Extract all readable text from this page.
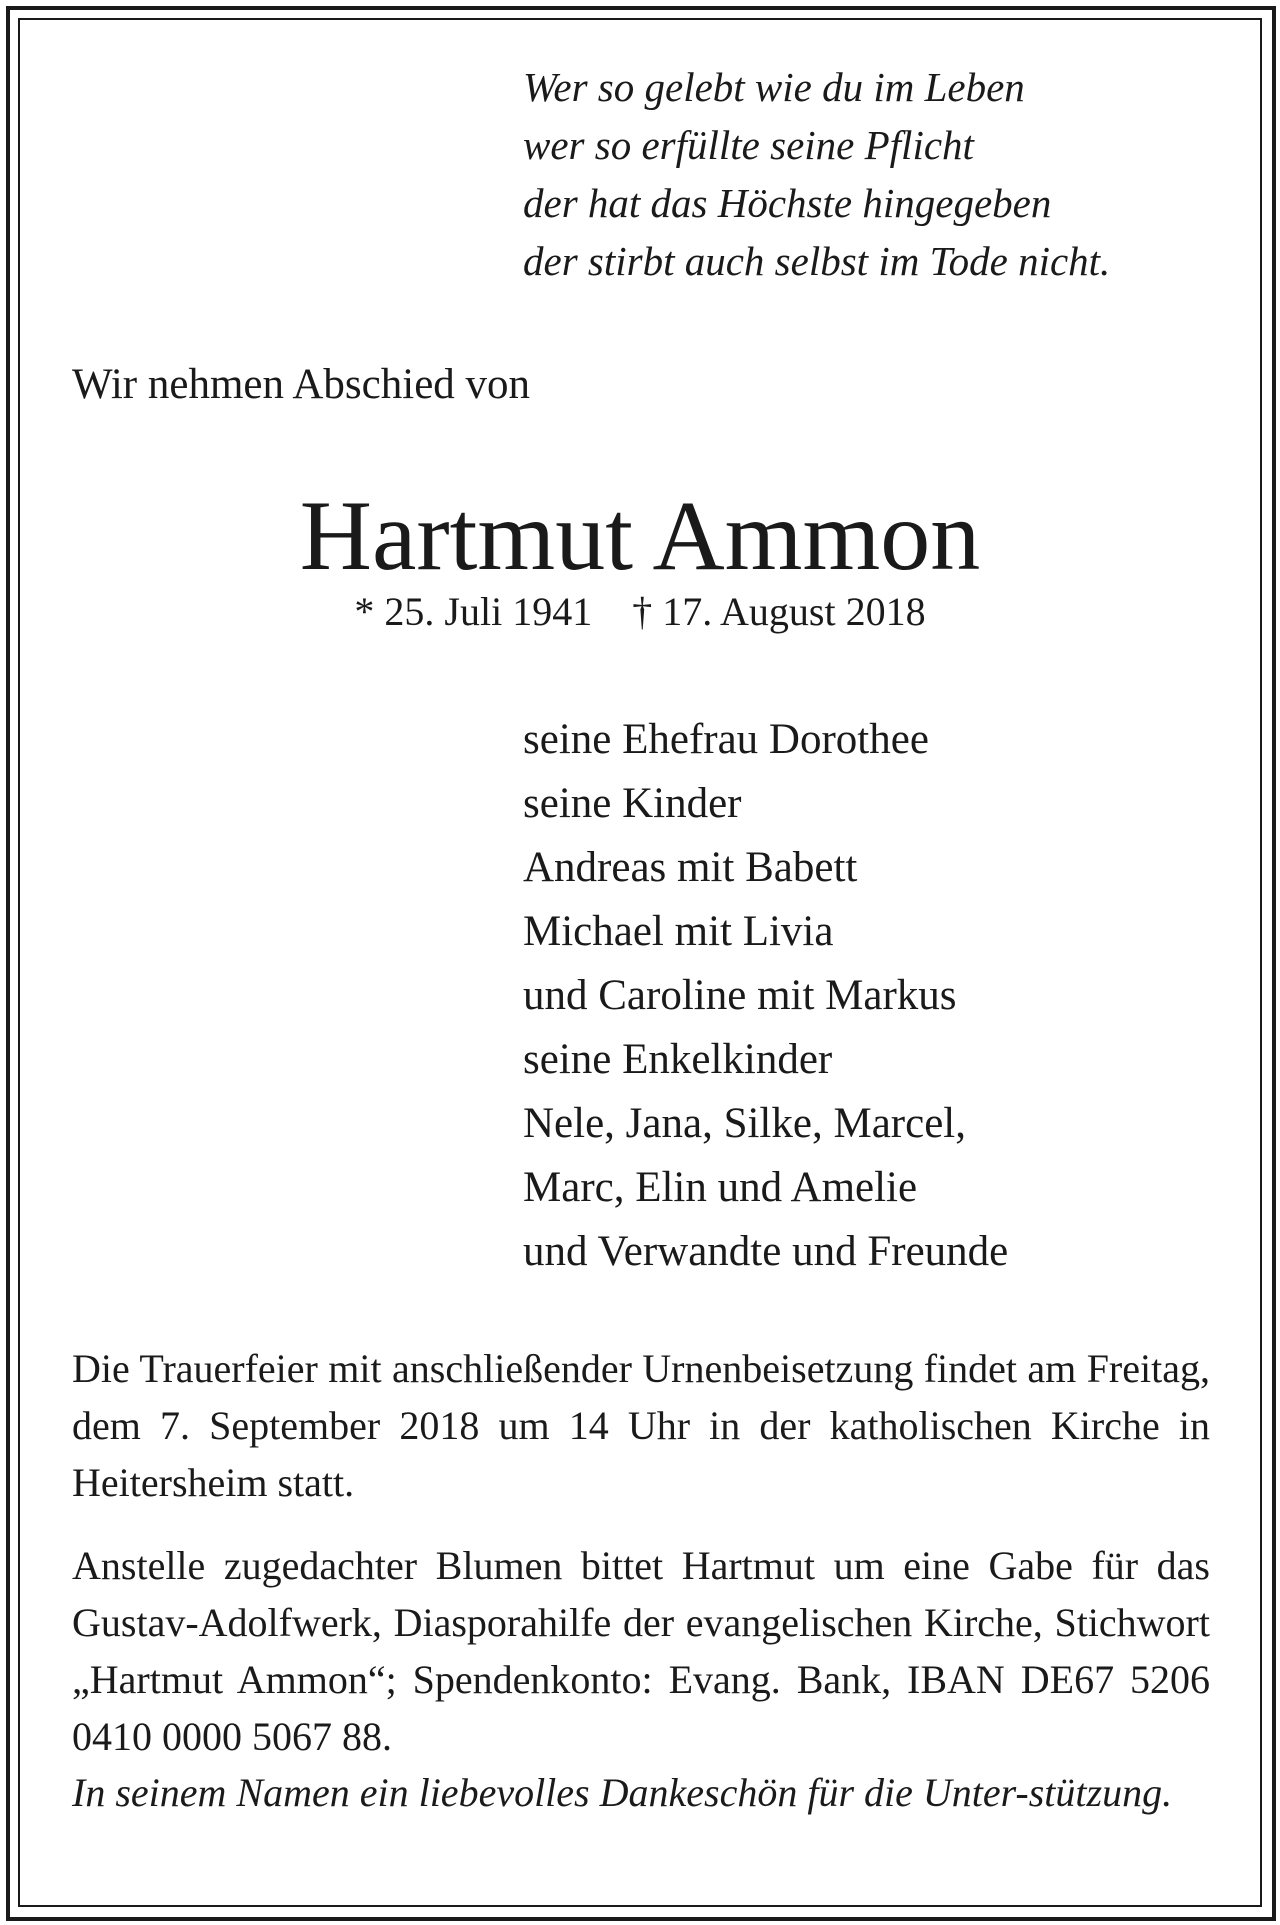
Wer so gelebt wie du im Leben
wer so erfüllte seine Pflicht
der hat das Höchste hingegeben
der stirbt auch selbst im Tode nicht.
Wir nehmen Abschied von
Hartmut Ammon
* 25. Juli 1941 † 17. August 2018
seine Ehefrau Dorothee
seine Kinder
Andreas mit Babett
Michael mit Livia
und Caroline mit Markus
seine Enkelkinder
Nele, Jana, Silke, Marcel,
Marc, Elin und Amelie
und Verwandte und Freunde
Die Trauerfeier mit anschließender Urnenbeisetzung findet am Freitag, dem 7. September 2018 um 14 Uhr in der katholischen Kirche in Heitersheim statt.
Anstelle zugedachter Blumen bittet Hartmut um eine Gabe für das Gustav-Adolfwerk, Diasporahilfe der evangelischen Kirche, Stichwort „Hartmut Ammon“; Spendenkonto: Evang. Bank, IBAN DE67 5206 0410 0000 5067 88.
In seinem Namen ein liebevolles Dankeschön für die Unter-stützung.
